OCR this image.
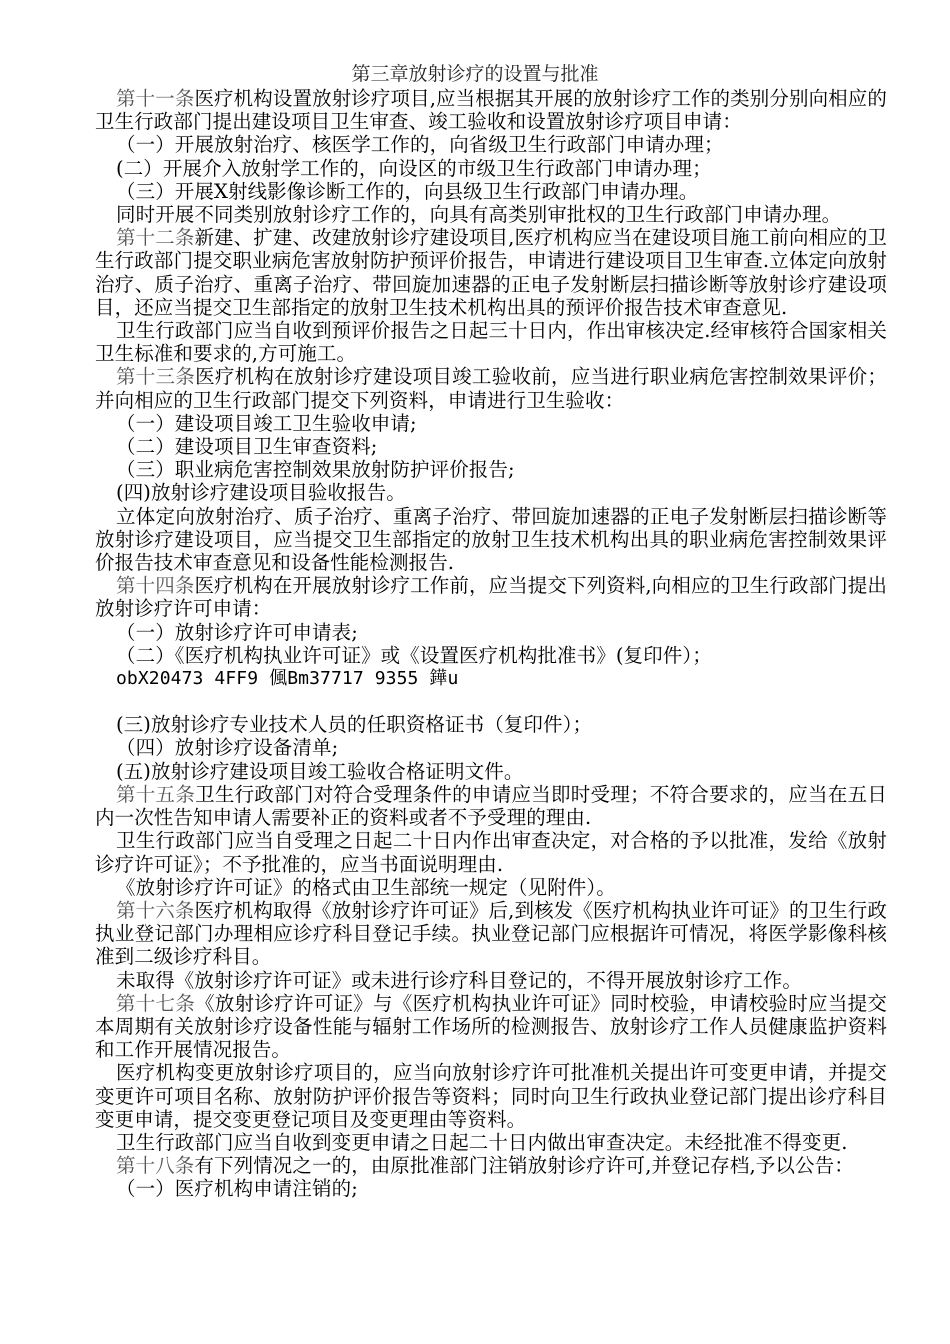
第三章放射诊疗的设置与批准
第十一条医疗机构设置放射诊疗项目,应当根据其开展的放射诊疗工作的类别分别向相应的卫生行政部门提出建设项目卫生审查、竣工验收和设置放射诊疗项目申请：
（一）开展放射治疗、核医学工作的，向省级卫生行政部门申请办理；
(二）开展介入放射学工作的，向设区的市级卫生行政部门申请办理；
（三）开展X射线影像诊断工作的，向县级卫生行政部门申请办理。
同时开展不同类别放射诊疗工作的，向具有高类别审批权的卫生行政部门申请办理。
第十二条新建、扩建、改建放射诊疗建设项目,医疗机构应当在建设项目施工前向相应的卫生行政部门提交职业病危害放射防护预评价报告，申请进行建设项目卫生审查.立体定向放射治疗、质子治疗、重离子治疗、带回旋加速器的正电子发射断层扫描诊断等放射诊疗建设项目，还应当提交卫生部指定的放射卫生技术机构出具的预评价报告技术审查意见.
卫生行政部门应当自收到预评价报告之日起三十日内，作出审核决定.经审核符合国家相关卫生标准和要求的,方可施工。
第十三条医疗机构在放射诊疗建设项目竣工验收前，应当进行职业病危害控制效果评价；并向相应的卫生行政部门提交下列资料，申请进行卫生验收：
（一）建设项目竣工卫生验收申请;
（二）建设项目卫生审查资料;
（三）职业病危害控制效果放射防护评价报告;
(四)放射诊疗建设项目验收报告。
立体定向放射治疗、质子治疗、重离子治疗、带回旋加速器的正电子发射断层扫描诊断等放射诊疗建设项目，应当提交卫生部指定的放射卫生技术机构出具的职业病危害控制效果评价报告技术审查意见和设备性能检测报告.
第十四条医疗机构在开展放射诊疗工作前，应当提交下列资料,向相应的卫生行政部门提出放射诊疗许可申请：
（一）放射诊疗许可申请表;
（二）《医疗机构执业许可证》或《设置医疗机构批准书》(复印件）；
obX20473 4FF9 偑Bm37717 9355 鏵u
(三)放射诊疗专业技术人员的任职资格证书（复印件）；
（四）放射诊疗设备清单;
(五)放射诊疗建设项目竣工验收合格证明文件。
第十五条卫生行政部门对符合受理条件的申请应当即时受理；不符合要求的，应当在五日内一次性告知申请人需要补正的资料或者不予受理的理由.
卫生行政部门应当自受理之日起二十日内作出审查决定，对合格的予以批准，发给《放射诊疗许可证》；不予批准的，应当书面说明理由.
《放射诊疗许可证》的格式由卫生部统一规定（见附件）。
第十六条医疗机构取得《放射诊疗许可证》后,到核发《医疗机构执业许可证》的卫生行政执业登记部门办理相应诊疗科目登记手续。执业登记部门应根据许可情况，将医学影像科核准到二级诊疗科目。
未取得《放射诊疗许可证》或未进行诊疗科目登记的，不得开展放射诊疗工作。
第十七条《放射诊疗许可证》与《医疗机构执业许可证》同时校验，申请校验时应当提交本周期有关放射诊疗设备性能与辐射工作场所的检测报告、放射诊疗工作人员健康监护资料和工作开展情况报告。
医疗机构变更放射诊疗项目的，应当向放射诊疗许可批准机关提出许可变更申请，并提交变更许可项目名称、放射防护评价报告等资料；同时向卫生行政执业登记部门提出诊疗科目变更申请，提交变更登记项目及变更理由等资料。
卫生行政部门应当自收到变更申请之日起二十日内做出审查决定。未经批准不得变更.
第十八条有下列情况之一的，由原批准部门注销放射诊疗许可,并登记存档,予以公告：
（一）医疗机构申请注销的;
